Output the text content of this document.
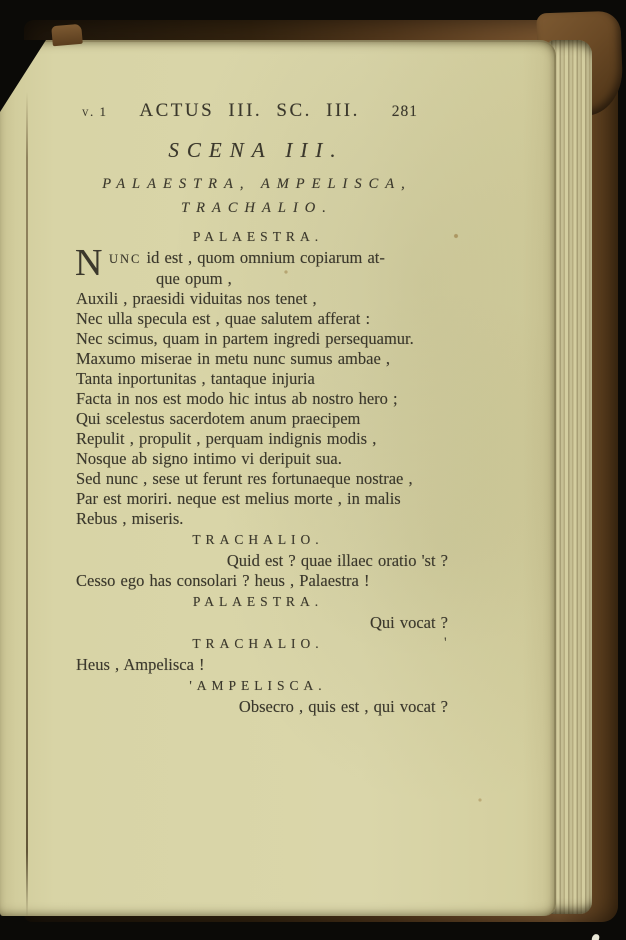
v. 1	ACTUS III. SC. III.	281
SCENA III.
PALAESTRA, AMPELISCA,
TRACHALIO.
PALAESTRA.
N UNC id est , quom omnium copiarum at-
que opum ,
Auxili , praesidi viduitas nos tenet ,
Nec ulla specula est , quae salutem afferat :
Nec scimus, quam in partem ingredi persequamur.
Maxumo miserae in metu nunc sumus ambae ,
Tanta inportunitas , tantaque injuria
Facta in nos est modo hic intus ab nostro hero ;
Qui scelestus sacerdotem anum praecipem
Repulit , propulit , perquam indignis modis ,
Nosque ab signo intimo vi deripuit sua.
Sed nunc , sese ut ferunt res fortunaeque nostrae ,
Par est moriri. neque est melius morte , in malis
Rebus , miseris.
TRACHALIO.
Quid est ? quae illaec oratio 'st ?
Cesso ego has consolari ? heus , Palaestra !
PALAESTRA.
Qui vocat ?
TRACHALIO.
Heus , Ampelisca !
'AMPELISCA.
Obsecro , quis est , qui vocat ?
'
